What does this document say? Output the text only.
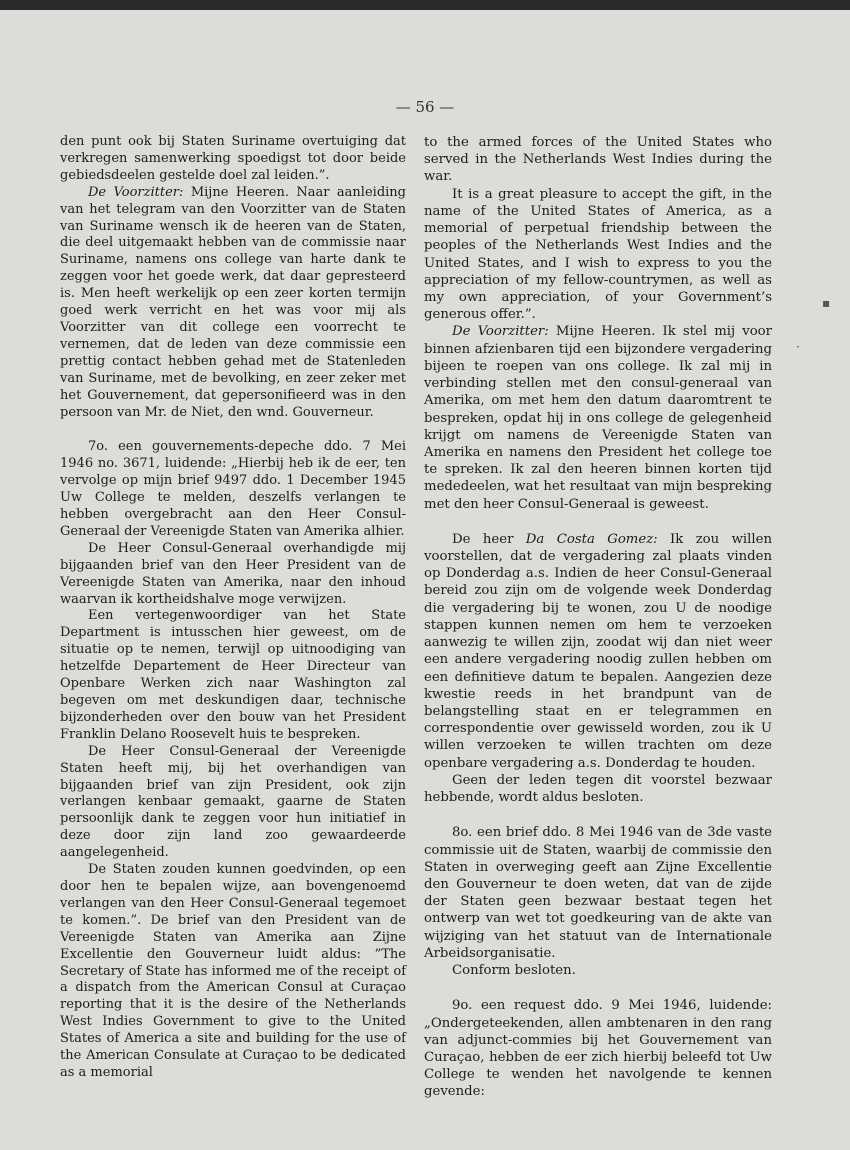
— 56 —

den punt ook bij Staten Suriname overtuiging dat verkregen samenwerking spoedigst tot door beide gebiedsdeelen gestelde doel zal leiden.”.

De Voorzitter: Mijne Heeren. Naar aanleiding van het telegram van den Voorzitter van de Staten van Suriname wensch ik de heeren van de Staten, die deel uitgemaakt hebben van de commissie naar Suriname, namens ons college van harte dank te zeggen voor het goede werk, dat daar gepresteerd is. Men heeft werkelijk op een zeer korten termijn goed werk verricht en het was voor mij als Voorzitter van dit college een voorrecht te vernemen, dat de leden van deze commissie een prettig contact hebben gehad met de Statenleden van Suriname, met de bevolking, en zeer zeker met het Gouvernement, dat gepersonifieerd was in den persoon van Mr. de Niet, den wnd. Gouverneur.

7o. een gouvernements-depeche ddo. 7 Mei 1946 no. 3671, luidende: „Hierbij heb ik de eer, ten vervolge op mijn brief 9497 ddo. 1 December 1945 Uw College te melden, deszelfs verlangen te hebben overgebracht aan den Heer Consul-Generaal der Vereenigde Staten van Amerika alhier.

De Heer Consul-Generaal overhandigde mij bijgaanden brief van den Heer President van de Vereenigde Staten van Amerika, naar den inhoud waarvan ik kortheidshalve moge verwijzen.

Een vertegenwoordiger van het State Department is intusschen hier geweest, om de situatie op te nemen, terwijl op uitnoodiging van hetzelfde Departement de Heer Directeur van Openbare Werken zich naar Washington zal begeven om met deskundigen daar, technische bijzonderheden over den bouw van het President Franklin Delano Roosevelt huis te bespreken.

De Heer Consul-Generaal der Vereenigde Staten heeft mij, bij het overhandigen van bijgaanden brief van zijn President, ook zijn verlangen kenbaar gemaakt, gaarne de Staten persoonlijk dank te zeggen voor hun initiatief in deze door zijn land zoo gewaardeerde aangelegenheid.

De Staten zouden kunnen goedvinden, op een door hen te bepalen wijze, aan bovengenoemd verlangen van den Heer Consul-Generaal tegemoet te komen.”. De brief van den President van de Vereenigde Staten van Amerika aan Zijne Excellentie den Gouverneur luidt aldus: ”The Secretary of State has informed me of the receipt of a dispatch from the American Consul at Curaçao reporting that it is the desire of the Netherlands West Indies Government to give to the United States of America a site and building for the use of the American Consulate at Curaçao to be dedicated as a memorial

to the armed forces of the United States who served in the Netherlands West Indies during the war.

It is a great pleasure to accept the gift, in the name of the United States of America, as a memorial of perpetual friendship between the peoples of the Netherlands West Indies and the United States, and I wish to express to you the appreciation of my fellow-countrymen, as well as my own appreciation, of your Government’s generous offer.”.

De Voorzitter: Mijne Heeren. Ik stel mij voor binnen afzienbaren tijd een bijzondere vergadering bijeen te roepen van ons college. Ik zal mij in verbinding stellen met den consul-generaal van Amerika, om met hem den datum daaromtrent te bespreken, opdat hij in ons college de gelegenheid krijgt om namens de Vereenigde Staten van Amerika en namens den President het college toe te spreken. Ik zal den heeren binnen korten tijd mededeelen, wat het resultaat van mijn bespreking met den heer Consul-Generaal is geweest.

De heer Da Costa Gomez: Ik zou willen voorstellen, dat de vergadering zal plaats vinden op Donderdag a.s. Indien de heer Consul-Generaal bereid zou zijn om de volgende week Donderdag die vergadering bij te wonen, zou U de noodige stappen kunnen nemen om hem te verzoeken aanwezig te willen zijn, zoodat wij dan niet weer een andere vergadering noodig zullen hebben om een definitieve datum te bepalen. Aangezien deze kwestie reeds in het brandpunt van de belangstelling staat en er telegrammen en correspondentie over gewisseld worden, zou ik U willen verzoeken te willen trachten om deze openbare vergadering a.s. Donderdag te houden.

Geen der leden tegen dit voorstel bezwaar hebbende, wordt aldus besloten.

8o. een brief ddo. 8 Mei 1946 van de 3de vaste commissie uit de Staten, waarbij de commissie den Staten in overweging geeft aan Zijne Excellentie den Gouverneur te doen weten, dat van de zijde der Staten geen bezwaar bestaat tegen het ontwerp van wet tot goedkeuring van de akte van wijziging van het statuut van de Internationale Arbeidsorganisatie.

Conform besloten.

9o. een request ddo. 9 Mei 1946, luidende: „Ondergeteekenden, allen ambtenaren in den rang van adjunct-commies bij het Gouvernement van Curaçao, hebben de eer zich hierbij beleefd tot Uw College te wenden het navolgende te kennen gevende:

▪
·
